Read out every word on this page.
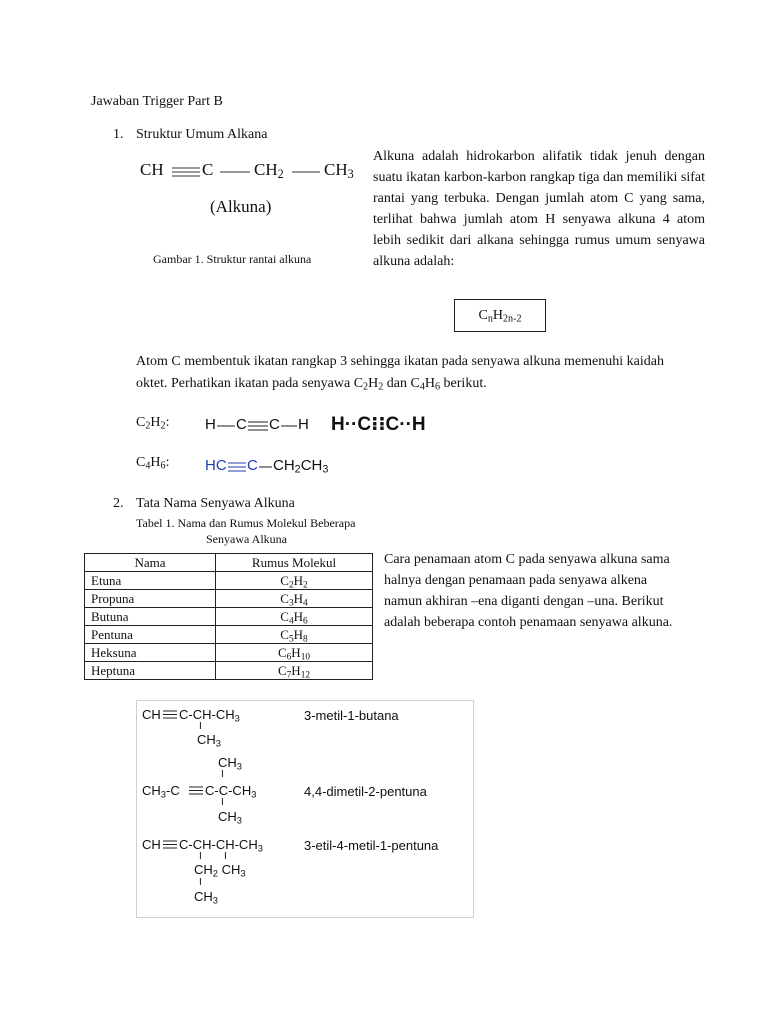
Jawaban Trigger Part B
1. Struktur Umum Alkana
CH C $CH_2$ $CH_3$
(Alkuna)
Gambar 1. Struktur rantai alkuna
Alkuna adalah hidrokarbon alifatik tidak jenuh dengan suatu ikatan karbon-karbon rangkap tiga dan memiliki sifat rantai yang terbuka. Dengan jumlah atom C yang sama, terlihat bahwa jumlah atom H senyawa alkuna 4 atom lebih sedikit dari alkana sehingga rumus umum senyawa alkuna adalah:
$C_nH_{2n-2}$
Atom C membentuk ikatan rangkap 3 sehingga ikatan pada senyawa alkuna memenuhi kaidah oktet. Perhatikan ikatan pada senyawa $C_2H_2$ dan $C_4H_6$ berikut.
$C_2H_2$: H C C H H··C⁝⁝C··H
$C_4H_6$: HC C $CH_2CH_3$
2. Tata Nama Senyawa Alkuna
Tabel 1. Nama dan Rumus Molekul Beberapa
Senyawa Alkuna
Nama	Rumus Molekul
Etuna	$C_2H_2$
Propuna	$C_3H_4$
Butuna	$C_4H_6$
Pentuna	$C_5H_8$
Heksuna	$C_6H_{10}$
Heptuna	$C_7H_{12}$
Cara penamaan atom C pada senyawa alkuna sama halnya dengan penamaan pada senyawa alkena namun akhiran –ena diganti dengan –una. Berikut adalah beberapa contoh penamaan senyawa alkuna.
CH $C-CH-CH_3$
I
$CH_3$
3-metil-1-butana
$CH_3$
I
$CH_3-C$ $C-C-CH_3$
I
$CH_3$
4,4-dimetil-2-pentuna
CH $C-CH-CH-CH_3$
I I
$CH_2$ $CH_3$
I
$CH_3$
3-etil-4-metil-1-pentuna
